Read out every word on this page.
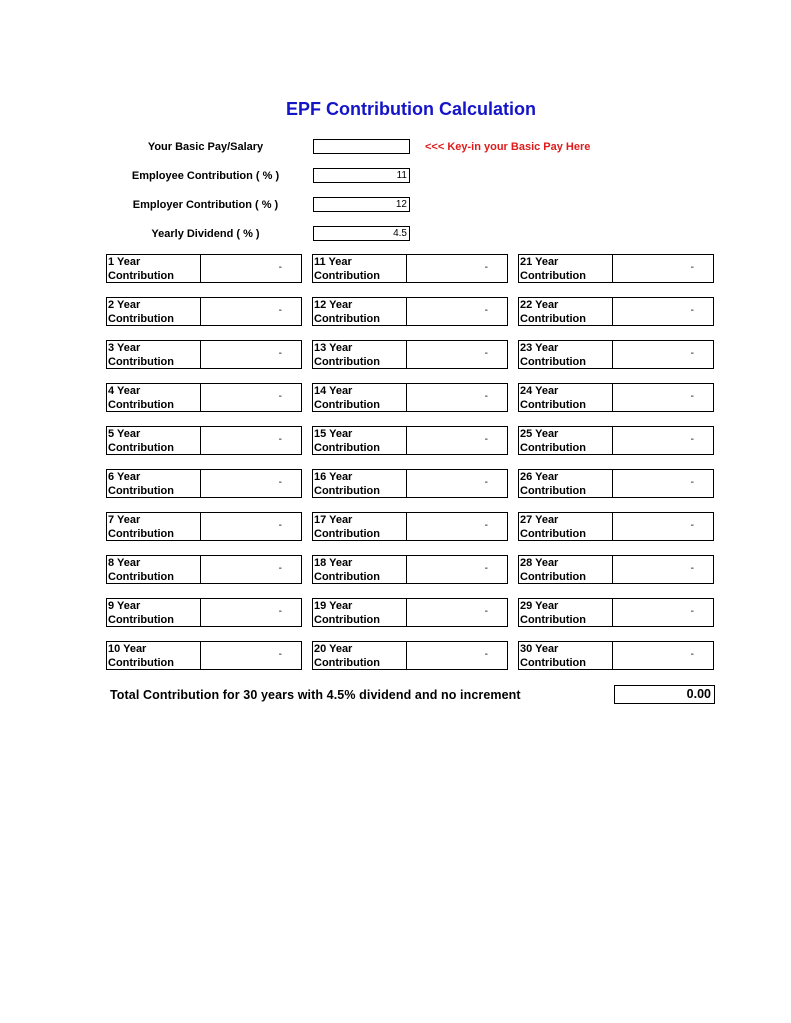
EPF Contribution Calculation
Your Basic Pay/Salary	<<< Key-in your Basic Pay Here
Employee Contribution ( % )
11
Employer Contribution ( % )
12
Yearly Dividend ( % )
4.5
1 Year
Contribution
-
2 Year
Contribution
-
3 Year
Contribution
-
4 Year
Contribution
-
5 Year
Contribution
-
6 Year
Contribution
-
7 Year
Contribution
-
8 Year
Contribution
-
9 Year
Contribution
-
10 Year
Contribution
-
11 Year
Contribution
-
12 Year
Contribution
-
13 Year
Contribution
-
14 Year
Contribution
-
15 Year
Contribution
-
16 Year
Contribution
-
17 Year
Contribution
-
18 Year
Contribution
-
19 Year
Contribution
-
20 Year
Contribution
-
21 Year
Contribution
-
22 Year
Contribution
-
23 Year
Contribution
-
24 Year
Contribution
-
25 Year
Contribution
-
26 Year
Contribution
-
27 Year
Contribution
-
28 Year
Contribution
-
29 Year
Contribution
-
30 Year
Contribution
-
Total Contribution for 30 years with 4.5% dividend and no increment	0.00
